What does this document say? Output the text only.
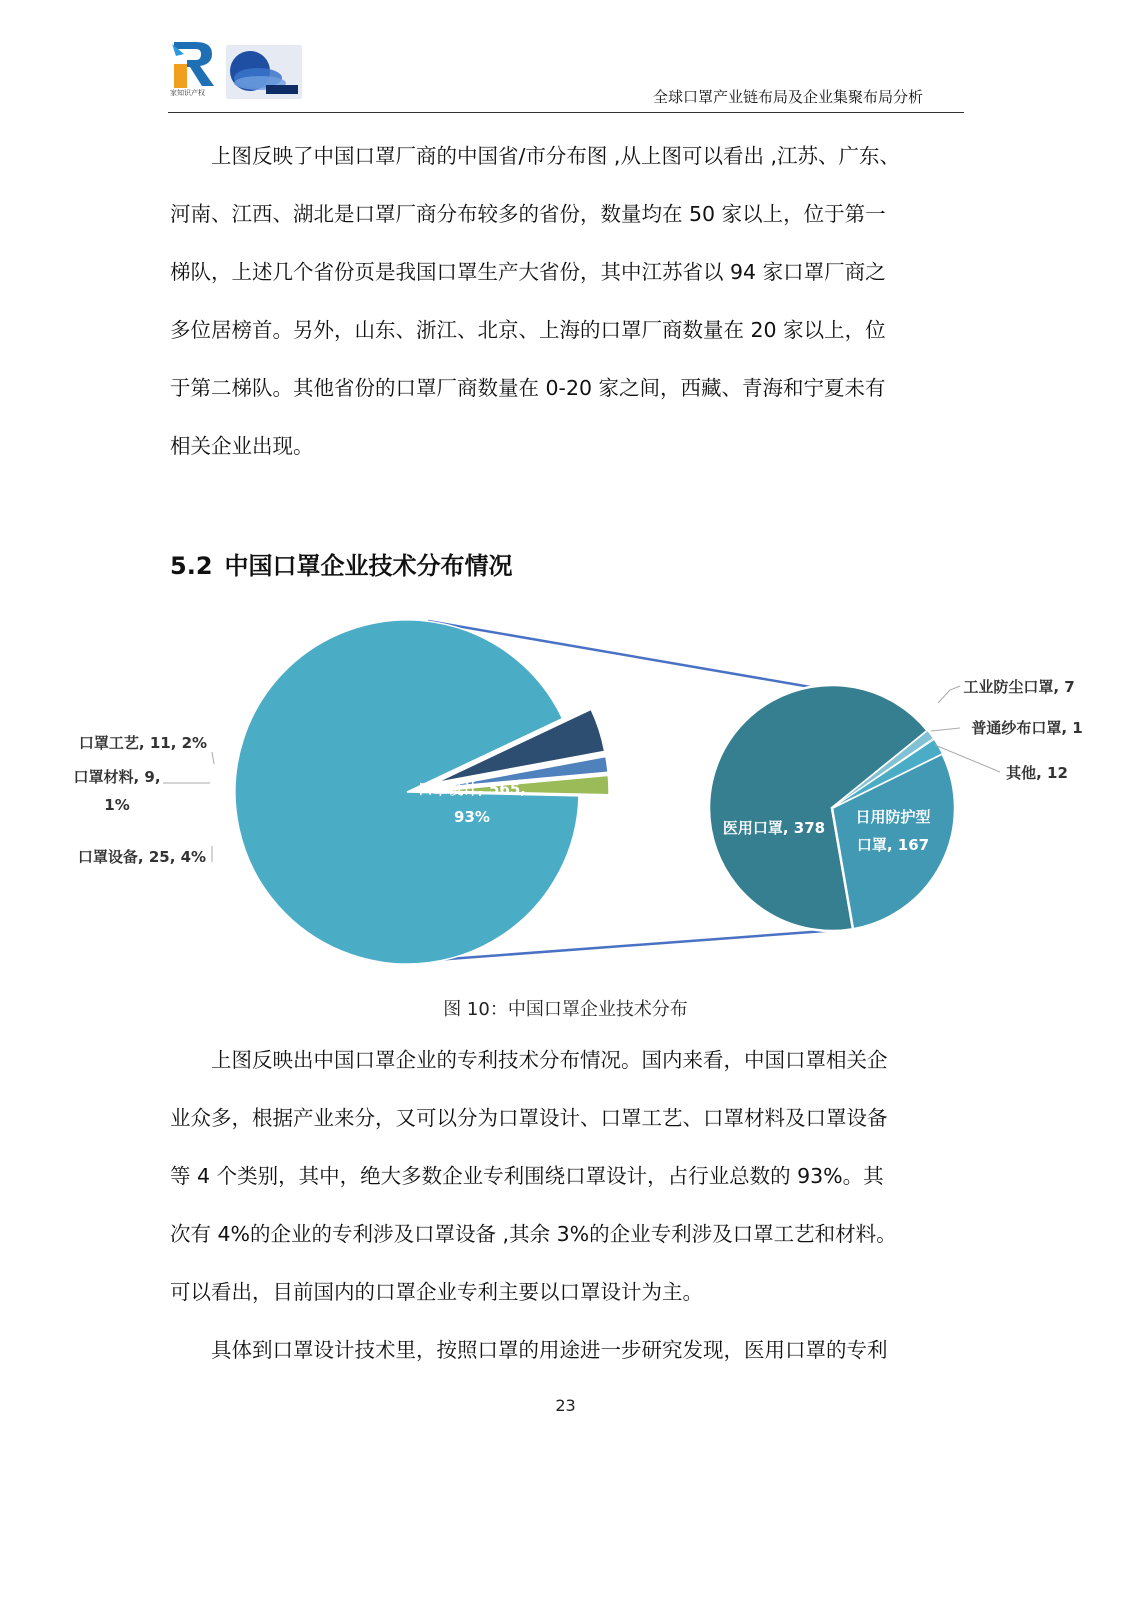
家知识产权	全球口罩产业链布局及企业集聚布局分析
上图反映了中国口罩厂商的中国省/市分布图 ,从上图可以看出 ,江苏、广东、
河南、江西、湖北是口罩厂商分布较多的省份，数量均在 50 家以上，位于第一
梯队，上述几个省份页是我国口罩生产大省份，其中江苏省以 94 家口罩厂商之
多位居榜首。另外，山东、浙江、北京、上海的口罩厂商数量在 20 家以上，位
于第二梯队。其他省份的口罩厂商数量在 0-20 家之间，西藏、青海和宁夏未有
相关企业出现。
5.2 中国口罩企业技术分布情况
口罩工艺, 11, 2%
口罩材料, 9,
1%
口罩设备, 25, 4%
口罩设计, 565,
93%
医用口罩, 378
日用防护型
口罩, 167
工业防尘口罩, 7
普通纱布口罩, 1
其他, 12
图 10：中国口罩企业技术分布
上图反映出中国口罩企业的专利技术分布情况。国内来看，中国口罩相关企
业众多，根据产业来分，又可以分为口罩设计、口罩工艺、口罩材料及口罩设备
等 4 个类别，其中，绝大多数企业专利围绕口罩设计，占行业总数的 93%。其
次有 4%的企业的专利涉及口罩设备 ,其余 3%的企业专利涉及口罩工艺和材料。
可以看出，目前国内的口罩企业专利主要以口罩设计为主。
具体到口罩设计技术里，按照口罩的用途进一步研究发现，医用口罩的专利
23
